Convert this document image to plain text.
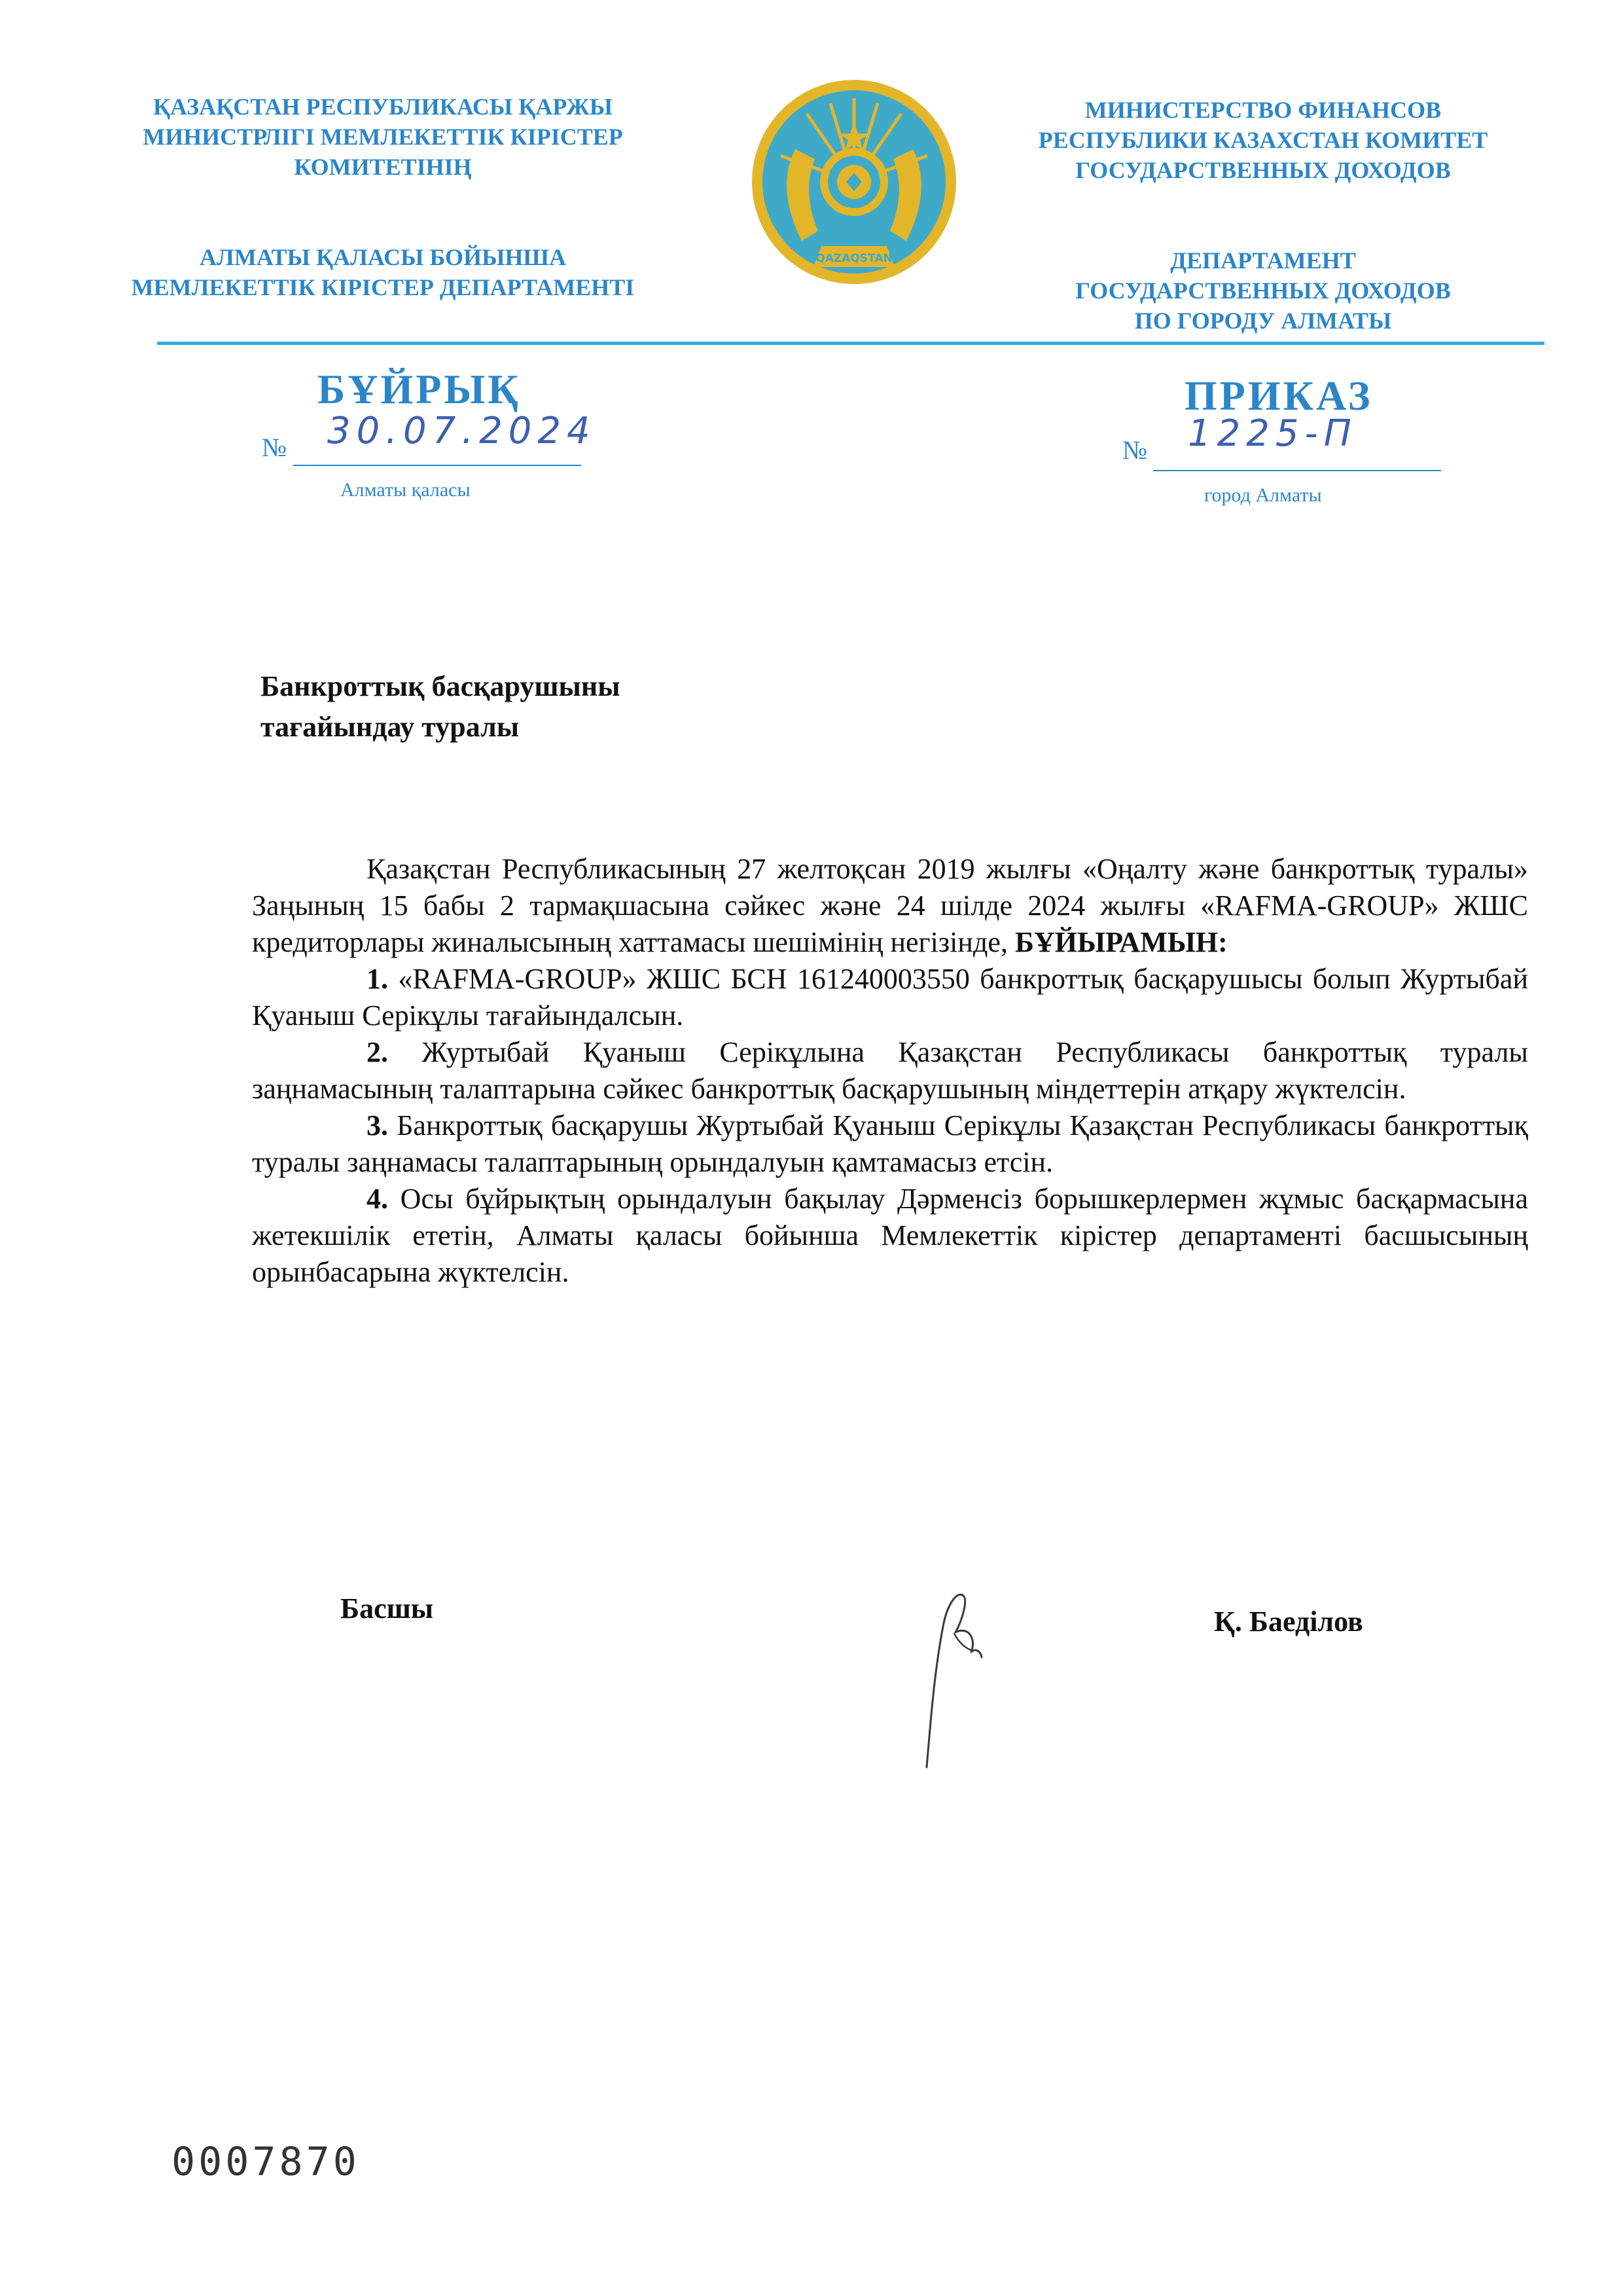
ҚАЗАҚСТАН РЕСПУБЛИКАСЫ ҚАРЖЫ

МИНИСТРЛІГІ МЕМЛЕКЕТТІК КІРІСТЕР

КОМИТЕТІНІҢ

АЛМАТЫ ҚАЛАСЫ БОЙЫНША

МЕМЛЕКЕТТІК КІРІСТЕР ДЕПАРТАМЕНТІ

QAZAQSTAN

МИНИСТЕРСТВО ФИНАНСОВ

РЕСПУБЛИКИ КАЗАХСТАН КОМИТЕТ

ГОСУДАРСТВЕННЫХ ДОХОДОВ

ДЕПАРТАМЕНТ

ГОСУДАРСТВЕННЫХ ДОХОДОВ

ПО ГОРОДУ АЛМАТЫ

БҰЙРЫҚ	ПРИКАЗ
№ 30.07.2024
Алматы қаласы
№ 1225-П
город Алматы

Банкроттық басқарушыны

тағайындау туралы

Қазақстан Республикасының 27 желтоқсан 2019 жылғы «Оңалту және банкроттық туралы» Заңының 15 бабы 2 тармақшасына сәйкес және 24 шілде 2024 жылғы «RAFMA-GROUP» ЖШС кредиторлары жиналысының хаттамасы шешімінің негізінде, БҰЙЫРАМЫН:

1. «RAFMA-GROUP» ЖШС БСН 161240003550 банкроттық басқарушысы болып Журтыбай Қуаныш Серікұлы тағайындалсын.

2. Журтыбай Қуаныш Серікұлына Қазақстан Республикасы банкроттық туралы заңнамасының талаптарына сәйкес банкроттық басқарушының міндеттерін атқару жүктелсін.

3. Банкроттық басқарушы Журтыбай Қуаныш Серікұлы Қазақстан Республикасы банкроттық туралы заңнамасы талаптарының орындалуын қамтамасыз етсін.

4. Осы бұйрықтың орындалуын бақылау Дәрменсіз борышкерлермен жұмыс басқармасына жетекшілік ететін, Алматы қаласы бойынша Мемлекеттік кірістер департаменті басшысының орынбасарына жүктелсін.

Басшы	Қ. Баеділов
0007870
